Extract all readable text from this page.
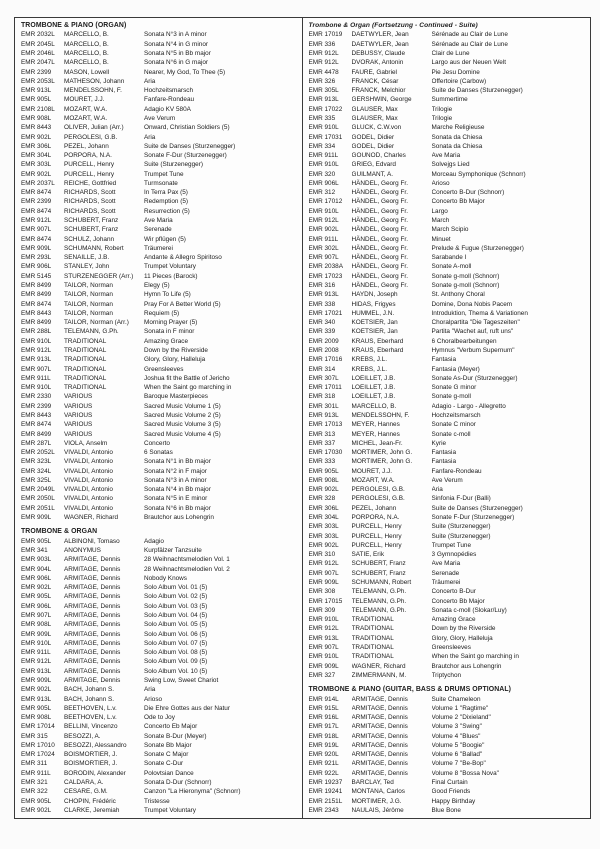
TROMBONE & PIANO (ORGAN)
EMR 2032L	MARCELLO, B.	Sonata N°3 in A minor
EMR 2045L	MARCELLO, B.	Sonata N°4 in G minor
EMR 2046L	MARCELLO, B.	Sonata N°5 in Bb major
EMR 2047L	MARCELLO, B.	Sonata N°6 in G major
EMR 2399	MASON, Lowell	Nearer, My God, To Thee (5)
EMR 2053L	MATHESON, Johann	Aria
EMR 913L	MENDELSSOHN, F.	Hochzeitsmarsch
EMR 905L	MOURET, J.J.	Fanfare-Rondeau
EMR 2108L	MOZART, W.A.	Adagio KV 580A
EMR 908L	MOZART, W.A.	Ave Verum
EMR 8443	OLIVER, Julian (Arr.)	Onward, Christian Soldiers (5)
EMR 902L	PERGOLESI, G.B.	Aria
EMR 306L	PEZEL, Johann	Suite de Danses (Sturzenegger)
EMR 304L	PORPORA, N.A.	Sonate F-Dur (Sturzenegger)
EMR 303L	PURCELL, Henry	Suite (Sturzenegger)
EMR 902L	PURCELL, Henry	Trumpet Tune
EMR 2037L	REICHE, Gottfried	Turmsonate
EMR 8474	RICHARDS, Scott	In Terra Pax (5)
EMR 2399	RICHARDS, Scott	Redemption (5)
EMR 8474	RICHARDS, Scott	Resurrection (5)
EMR 912L	SCHUBERT, Franz	Ave Maria
EMR 907L	SCHUBERT, Franz	Serenade
EMR 8474	SCHULZ, Johann	Wir pflügen (5)
EMR 909L	SCHUMANN, Robert	Träumerei
EMR 293L	SENAILLE, J.B.	Andante & Allegro Spiritoso
EMR 906L	STANLEY, John	Trumpet Voluntary
EMR 5145	STURZENEGGER (Arr.)	11 Pieces (Barock)
EMR 8499	TAILOR, Norman	Elegy (5)
EMR 8499	TAILOR, Norman	Hymn To Life (5)
EMR 8474	TAILOR, Norman	Pray For A Better World (5)
EMR 8443	TAILOR, Norman	Requiem (5)
EMR 8499	TAILOR, Norman (Arr.)	Morning Prayer (5)
EMR 288L	TELEMANN, G.Ph.	Sonata in F minor
EMR 910L	TRADITIONAL	Amazing Grace
EMR 912L	TRADITIONAL	Down by the Riverside
EMR 913L	TRADITIONAL	Glory, Glory, Halleluja
EMR 907L	TRADITIONAL	Greensleeves
EMR 911L	TRADITIONAL	Joshua fit the Battle of Jericho
EMR 910L	TRADITIONAL	When the Saint go marching in
EMR 2330	VARIOUS	Baroque Masterpieces
EMR 2399	VARIOUS	Sacred Music Volume 1 (5)
EMR 8443	VARIOUS	Sacred Music Volume 2 (5)
EMR 8474	VARIOUS	Sacred Music Volume 3 (5)
EMR 8499	VARIOUS	Sacred Music Volume 4 (5)
EMR 287L	VIOLA, Anselm	Concerto
EMR 2052L	VIVALDI, Antonio	6 Sonatas
EMR 323L	VIVALDI, Antonio	Sonata N°1 in Bb major
EMR 324L	VIVALDI, Antonio	Sonata N°2 in F major
EMR 325L	VIVALDI, Antonio	Sonata N°3 in A minor
EMR 2049L	VIVALDI, Antonio	Sonata N°4 in Bb major
EMR 2050L	VIVALDI, Antonio	Sonata N°5 in E minor
EMR 2051L	VIVALDI, Antonio	Sonata N°6 in Bb major
EMR 909L	WAGNER, Richard	Brautchor aus Lohengrin
TROMBONE & ORGAN
EMR 905L	ALBINONI, Tomaso	Adagio
EMR 341	ANONYMUS	Kurpfälzer Tanzsuite
EMR 903L	ARMITAGE, Dennis	28 Weihnachtsmelodien Vol. 1
EMR 904L	ARMITAGE, Dennis	28 Weihnachtsmelodien Vol. 2
EMR 906L	ARMITAGE, Dennis	Nobody Knows
EMR 902L	ARMITAGE, Dennis	Solo Album Vol. 01 (5)
EMR 905L	ARMITAGE, Dennis	Solo Album Vol. 02 (5)
EMR 906L	ARMITAGE, Dennis	Solo Album Vol. 03 (5)
EMR 907L	ARMITAGE, Dennis	Solo Album Vol. 04 (5)
EMR 908L	ARMITAGE, Dennis	Solo Album Vol. 05 (5)
EMR 909L	ARMITAGE, Dennis	Solo Album Vol. 06 (5)
EMR 910L	ARMITAGE, Dennis	Solo Album Vol. 07 (5)
EMR 911L	ARMITAGE, Dennis	Solo Album Vol. 08 (5)
EMR 912L	ARMITAGE, Dennis	Solo Album Vol. 09 (5)
EMR 913L	ARMITAGE, Dennis	Solo Album Vol. 10 (5)
EMR 909L	ARMITAGE, Dennis	Swing Low, Sweet Chariot
EMR 902L	BACH, Johann S.	Aria
EMR 913L	BACH, Johann S.	Arioso
EMR 905L	BEETHOVEN, L.v.	Die Ehre Gottes aus der Natur
EMR 908L	BEETHOVEN, L.v.	Ode to Joy
EMR 17014	BELLINI, Vincenzo	Concerto Eb Major
EMR 315	BESOZZI, A.	Sonate B-Dur (Meyer)
EMR 17010	BESOZZI, Alessandro	Sonate Bb Major
EMR 17024	BOISMORTIER, J.	Sonate C Major
EMR 311	BOISMORTIER, J.	Sonate C-Dur
EMR 911L	BORODIN, Alexander	Polovtsian Dance
EMR 321	CALDARA, A.	Sonata D-Dur (Schnorr)
EMR 322	CESARE, G.M.	Canzon "La Hieronyma" (Schnorr)
EMR 905L	CHOPIN, Frédéric	Tristesse
EMR 902L	CLARKE, Jeremiah	Trumpet Voluntary
Trombone & Organ (Fortsetzung - Continued - Suite)
EMR 17019	DAETWYLER, Jean	Sérénade au Clair de Lune
EMR 336	DAETWYLER, Jean	Sérénade au Clair de Lune
EMR 912L	DEBUSSY, Claude	Clair de Lune
EMR 912L	DVORAK, Antonin	Largo aus der Neuen Welt
EMR 4478	FAURE, Gabriel	Pie Jesu Domine
EMR 326	FRANCK, César	Offertoire (Carbow)
EMR 305L	FRANCK, Melchior	Suite de Danses (Sturzenegger)
EMR 913L	GERSHWIN, George	Summertime
EMR 17022	GLAUSER, Max	Trilogie
EMR 335	GLAUSER, Max	Trilogie
EMR 910L	GLUCK, C.W.von	Marche Religieuse
EMR 17031	GODEL, Didier	Sonata da Chiesa
EMR 334	GODEL, Didier	Sonata da Chiesa
EMR 911L	GOUNOD, Charles	Ave Maria
EMR 910L	GRIEG, Edvard	Solvejgs Lied
EMR 320	GUILMANT, A.	Morceau Symphonique (Schnorr)
EMR 906L	HÄNDEL, Georg Fr.	Arioso
EMR 312	HÄNDEL, Georg Fr.	Concerto B-Dur (Schnorr)
EMR 17012	HÄNDEL, Georg Fr.	Concerto Bb Major
EMR 910L	HÄNDEL, Georg Fr.	Largo
EMR 912L	HÄNDEL, Georg Fr.	March
EMR 902L	HÄNDEL, Georg Fr.	March Scipio
EMR 911L	HÄNDEL, Georg Fr.	Minuet
EMR 302L	HÄNDEL, Georg Fr.	Prelude & Fugue (Sturzenegger)
EMR 907L	HÄNDEL, Georg Fr.	Sarabande I
EMR 2038A	HÄNDEL, Georg Fr.	Sonate A-moll
EMR 17023	HÄNDEL, Georg Fr.	Sonate g-moll (Schnorr)
EMR 316	HÄNDEL, Georg Fr.	Sonate g-moll (Schnorr)
EMR 913L	HAYDN, Joseph	St. Anthony Choral
EMR 338	HIDAS, Frigyes	Domine, Dona Nobis Pacem
EMR 17021	HUMMEL, J.N.	Introduktion, Thema & Variationen
EMR 340	KOETSIER, Jan	Choralpartita "Die Tageszeiten"
EMR 339	KOETSIER, Jan	Partita "Wachet auf, ruft uns"
EMR 2009	KRAUS, Eberhard	6 Choralbearbeitungen
EMR 2008	KRAUS, Eberhard	Hymnus "Verbum Supernum"
EMR 17016	KREBS, J.L.	Fantasia
EMR 314	KREBS, J.L.	Fantasia (Meyer)
EMR 307L	LOEILLET, J.B.	Sonate As-Dur (Sturzenegger)
EMR 17011	LOEILLET, J.B.	Sonate G minor
EMR 318	LOEILLET, J.B.	Sonate g-moll
EMR 301L	MARCELLO, B.	Adagio - Largo - Allegretto
EMR 913L	MENDELSSOHN, F.	Hochzeitsmarsch
EMR 17013	MEYER, Hannes	Sonate C minor
EMR 313	MEYER, Hannes	Sonate c-moll
EMR 337	MICHEL, Jean-Fr.	Kyrie
EMR 17030	MORTIMER, John G.	Fantasia
EMR 333	MORTIMER, John G.	Fantasia
EMR 905L	MOURET, J.J.	Fanfare-Rondeau
EMR 908L	MOZART, W.A.	Ave Verum
EMR 902L	PERGOLESI, G.B.	Aria
EMR 328	PERGOLESI, G.B.	Sinfonia F-Dur (Balli)
EMR 306L	PEZEL, Johann	Suite de Danses (Sturzenegger)
EMR 304L	PORPORA, N.A.	Sonate F-Dur (Sturzenegger)
EMR 303L	PURCELL, Henry	Suite (Sturzenegger)
EMR 303L	PURCELL, Henry	Suite (Sturzenegger)
EMR 902L	PURCELL, Henry	Trumpet Tune
EMR 310	SATIE, Erik	3 Gymnopédies
EMR 912L	SCHUBERT, Franz	Ave Maria
EMR 907L	SCHUBERT, Franz	Serenade
EMR 909L	SCHUMANN, Robert	Träumerei
EMR 308	TELEMANN, G.Ph.	Concerto B-Dur
EMR 17015	TELEMANN, G.Ph.	Concerto Bb Major
EMR 309	TELEMANN, G.Ph.	Sonata c-moll (Slokar/Luy)
EMR 910L	TRADITIONAL	Amazing Grace
EMR 912L	TRADITIONAL	Down by the Riverside
EMR 913L	TRADITIONAL	Glory, Glory, Halleluja
EMR 907L	TRADITIONAL	Greensleeves
EMR 910L	TRADITIONAL	When the Saint go marching in
EMR 909L	WAGNER, Richard	Brautchor aus Lohengrin
EMR 327	ZIMMERMANN, M.	Triptychon
TROMBONE & PIANO (GUITAR, BASS & DRUMS OPTIONAL)
EMR 914L	ARMITAGE, Dennis	Suite Chameleon
EMR 915L	ARMITAGE, Dennis	Volume 1 "Ragtime"
EMR 916L	ARMITAGE, Dennis	Volume 2 "Dixieland"
EMR 917L	ARMITAGE, Dennis	Volume 3 "Swing"
EMR 918L	ARMITAGE, Dennis	Volume 4 "Blues"
EMR 919L	ARMITAGE, Dennis	Volume 5 "Boogie"
EMR 920L	ARMITAGE, Dennis	Volume 6 "Ballad"
EMR 921L	ARMITAGE, Dennis	Volume 7 "Be-Bop"
EMR 922L	ARMITAGE, Dennis	Volume 8 "Bossa Nova"
EMR 19237	BARCLAY, Ted	Final Curtain
EMR 19241	MONTANA, Carlos	Good Friends
EMR 2151L	MORTIMER, J.G.	Happy Birthday
EMR 2343	NAULAIS, Jérôme	Blue Bone
